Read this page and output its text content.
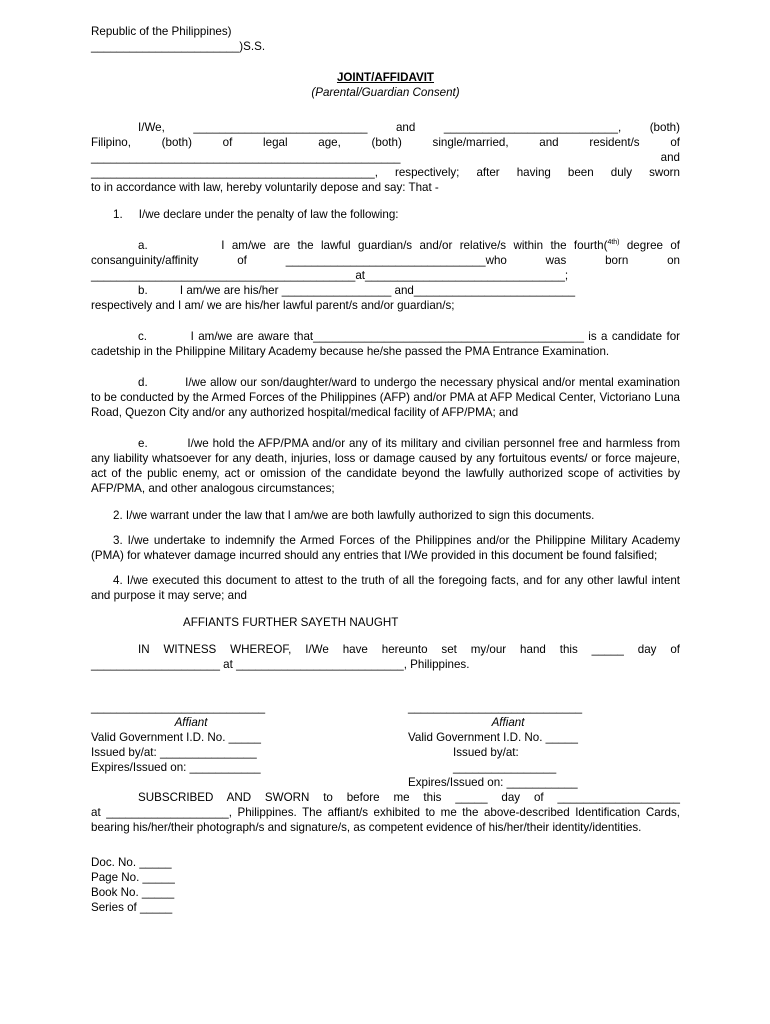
Republic of the Philippines)

_______________________)S.S.

JOINT/AFFIDAVIT

(Parental/Guardian Consent)

I/We, ___________________________ and ___________________________, (both)

Filipino, (both) of legal age, (both) single/married, and resident/s of

________________________________________________ and

____________________________________________, respectively; after having been duly sworn

to in accordance with law, hereby voluntarily depose and say: That -

1.     I/we declare under the penalty of law the following:

a.          I am/we are the lawful guardian/s and/or relative/s within the fourth($^{4th)}$ degree of

consanguinity/affinity of _______________________________who was born on

_________________________________________at_______________________________;

b.          I am/we are his/her _________________ and_________________________

respectively and I am/ we are his/her lawful parent/s and/or guardian/s;

c.          I am/we are aware that__________________________________________ is a candidate for cadetship in the Philippine Military Academy because he/she passed the PMA Entrance Examination.

d.          I/we allow our son/daughter/ward to undergo the necessary physical and/or mental examination to be conducted by the Armed Forces of the Philippines (AFP) and/or PMA at AFP Medical Center, Victoriano Luna Road, Quezon City and/or any authorized hospital/medical facility of AFP/PMA; and

e.          I/we hold the AFP/PMA and/or any of its military and civilian personnel free and harmless from any liability whatsoever for any death, injuries, loss or damage caused by any fortuitous events/ or force majeure, act of the public enemy, act or omission of the candidate beyond the lawfully authorized scope of activities by AFP/PMA, and other analogous circumstances;

2. I/we warrant under the law that I am/we are both lawfully authorized to sign this documents.

3. I/we undertake to indemnify the Armed Forces of the Philippines and/or the Philippine Military Academy (PMA) for whatever damage incurred should any entries that I/We provided in this document be found falsified;

4. I/we executed this document to attest to the truth of all the foregoing facts, and for any other lawful intent and purpose it may serve; and

AFFIANTS FURTHER SAYETH NAUGHT

IN WITNESS WHEREOF, I/We have hereunto set my/our hand this _____ day of

____________________ at __________________________, Philippines.

___________________________

Affiant

Valid Government I.D. No. _____

Issued by/at: _______________

Expires/Issued on: ___________

___________________________

Affiant

Valid Government I.D. No. _____

Issued by/at: ________________

Expires/Issued on: ___________

SUBSCRIBED AND SWORN to before me this _____ day of ___________________

at ___________________, Philippines. The affiant/s exhibited to me the above-described Identification Cards, bearing his/her/their photograph/s and signature/s, as competent evidence of his/her/their identity/identities.

Doc. No. _____

Page No. _____

Book No. _____

Series of _____
